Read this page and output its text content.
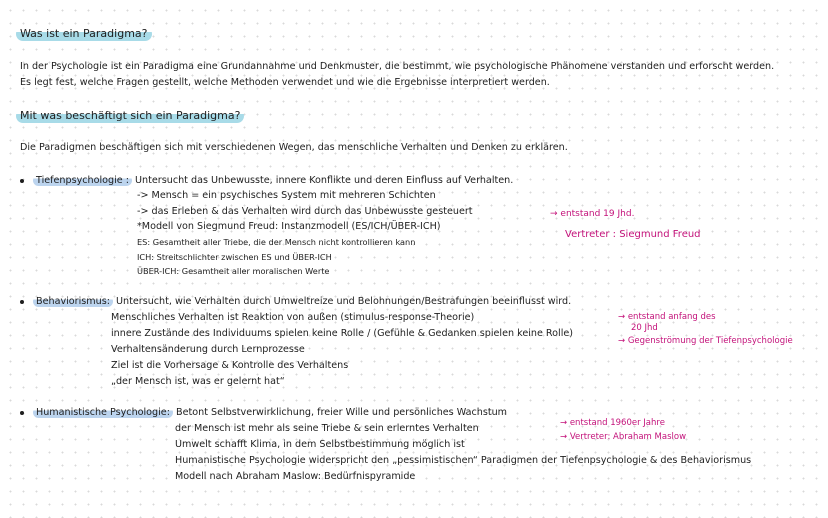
Was ist ein Paradigma?
In der Psychologie ist ein Paradigma eine Grundannahme und Denkmuster, die bestimmt, wie psychologische Phänomene verstanden und erforscht werden.
Es legt fest, welche Fragen gestellt, welche Methoden verwendet und wie die Ergebnisse interpretiert werden.
Mit was beschäftigt sich ein Paradigma?
Die Paradigmen beschäftigen sich mit verschiedenen Wegen, das menschliche Verhalten und Denken zu erklären.
Tiefenpsychologie : Untersucht das Unbewusste, innere Konflikte und deren Einfluss auf Verhalten.
-> Mensch = ein psychisches System mit mehreren Schichten
-> das Erleben & das Verhalten wird durch das Unbewusste gesteuert
*Modell von Siegmund Freud: Instanzmodell (ES/ICH/ÜBER-ICH)
ES: Gesamtheit aller Triebe, die der Mensch nicht kontrollieren kann
ICH: Streitschlichter zwischen ES und ÜBER-ICH
ÜBER-ICH: Gesamtheit aller moralischen Werte
→ entstand 19 Jhd.
Vertreter : Siegmund Freud
Behaviorismus: Untersucht, wie Verhalten durch Umweltreize und Belohnungen/Bestrafungen beeinflusst wird.
Menschliches Verhalten ist Reaktion von außen (stimulus-response-Theorie)
innere Zustände des Individuums spielen keine Rolle / (Gefühle & Gedanken spielen keine Rolle)
Verhaltensänderung durch Lernprozesse
Ziel ist die Vorhersage & Kontrolle des Verhaltens
„der Mensch ist, was er gelernt hat“
→ entstand anfang des
20 Jhd
→ Gegenströmung der Tiefenpsychologie
Humanistische Psychologie: Betont Selbstverwirklichung, freier Wille und persönliches Wachstum
der Mensch ist mehr als seine Triebe & sein erlerntes Verhalten
Umwelt schafft Klima, in dem Selbstbestimmung möglich ist
Humanistische Psychologie widerspricht den „pessimistischen“ Paradigmen der Tiefenpsychologie & des Behaviorismus
Modell nach Abraham Maslow: Bedürfnispyramide
→ entstand 1960er Jahre
→ Vertreter: Abraham Maslow
